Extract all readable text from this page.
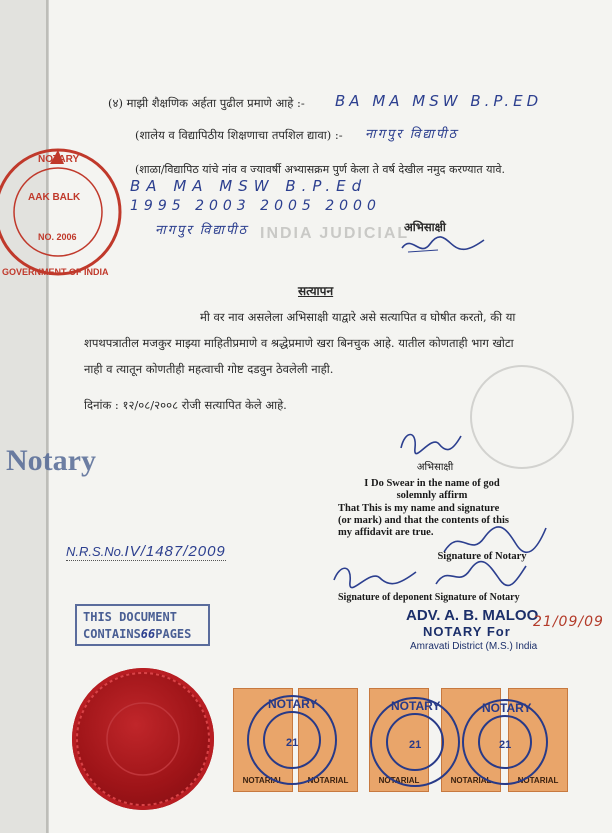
INDIA JUDICIAL
NOTARY
AAK BALK
NO. 2006
GOVERNMENT OF INDIA
(४) माझी शैक्षणिक अर्हता पुढील प्रमाणे आहे :- BA MA MSW B.P.ED
(शालेय व विद्यापिठीय शिक्षणाचा तपशिल द्यावा) :- नागपुर विद्यापीठ
(शाळा/विद्यापिठ यांचे नांव व ज्यावर्षी अभ्यासक्रम पुर्ण केला ते वर्ष देखील नमुद करण्यात यावे.
BA MA MSW B.P.Ed
1995 2003 2005 2000
नागपुर विद्यापीठ	अभिसाक्षी
सत्यापन
मी वर नाव असलेला अभिसाक्षी याद्वारे असे सत्यापित व घोषीत करतो, की या
शपथपत्रातील मजकुर माझ्या माहितीप्रमाणे व श्रद्धेप्रमाणे खरा बिनचुक आहे. यातील कोणताही भाग खोटा
नाही व त्यातून कोणतीही महत्वाची गोष्ट दडवुन ठेवलेली नाही.
दिनांक : १२/०८/२००८ रोजी सत्यापित केले आहे.
Notary	अभिसाक्षी
I Do Swear in the name of god
solemnly affirm
That This is my name and signature
(or mark) and that the contents of this
my affidavit are true.
Signature of Notary
N.R.S.No.IV/1487/2009
Signature of deponent Signature of Notary
ADV. A. B. MALOO
NOTARY For
21/09/09
Amravati District (M.S.) India
THIS DOCUMENT
CONTAINS66PAGES
NOTARIAL	NOTARIAL	NOTARIAL	NOTARIAL	NOTARIAL
NOTARY	NOTARY	NOTARY
21	21	21
